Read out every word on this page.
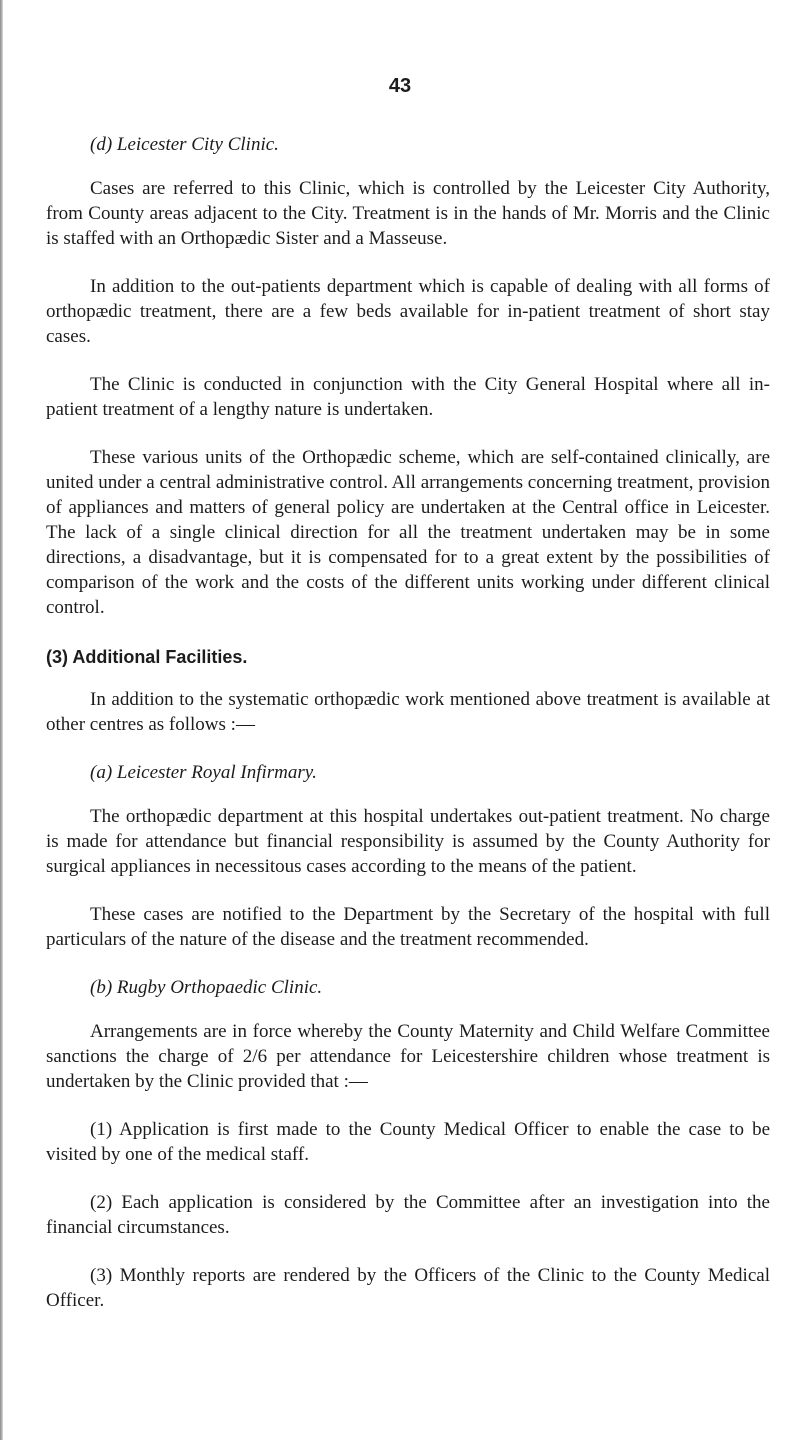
43

(d) Leicester City Clinic.

Cases are referred to this Clinic, which is controlled by the Leicester City Authority, from County areas adjacent to the City. Treatment is in the hands of Mr. Morris and the Clinic is staffed with an Orthopædic Sister and a Masseuse.

In addition to the out-patients department which is capable of dealing with all forms of orthopædic treatment, there are a few beds available for in-patient treatment of short stay cases.

The Clinic is conducted in conjunction with the City General Hospital where all in-patient treatment of a lengthy nature is undertaken.

These various units of the Orthopædic scheme, which are self-contained clinically, are united under a central administrative control. All arrangements concerning treatment, provision of appliances and matters of general policy are undertaken at the Central office in Leicester. The lack of a single clinical direction for all the treatment undertaken may be in some directions, a disadvantage, but it is compensated for to a great extent by the possibilities of comparison of the work and the costs of the different units working under different clinical control.

(3) Additional Facilities.

In addition to the systematic orthopædic work mentioned above treatment is available at other centres as follows :—

(a) Leicester Royal Infirmary.

The orthopædic department at this hospital undertakes out-patient treatment. No charge is made for attendance but financial responsibility is assumed by the County Authority for surgical appliances in necessitous cases according to the means of the patient.

These cases are notified to the Department by the Secretary of the hospital with full particulars of the nature of the disease and the treatment recommended.

(b) Rugby Orthopaedic Clinic.

Arrangements are in force whereby the County Maternity and Child Welfare Committee sanctions the charge of 2/6 per attendance for Leicestershire children whose treatment is undertaken by the Clinic provided that :—

(1) Application is first made to the County Medical Officer to enable the case to be visited by one of the medical staff.

(2) Each application is considered by the Committee after an investigation into the financial circumstances.

(3) Monthly reports are rendered by the Officers of the Clinic to the County Medical Officer.
